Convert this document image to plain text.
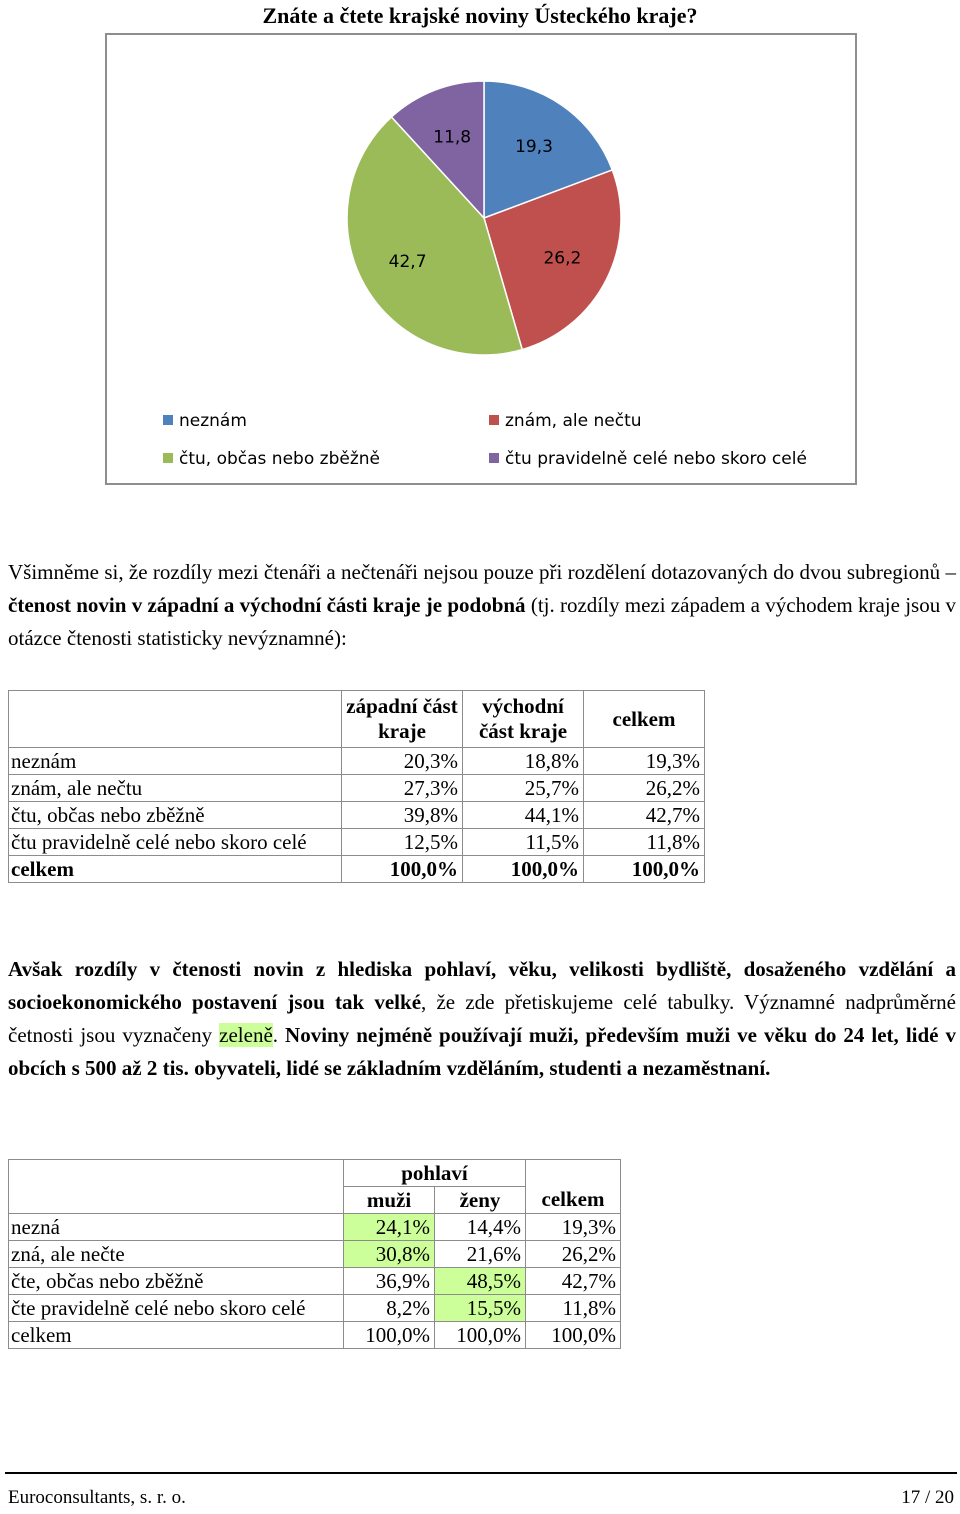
Znáte a čtete krajské noviny Ústeckého kraje?
19,3
26,2
42,7
11,8
neznám	znám, ale nečtu
čtu, občas nebo zběžně	čtu pravidelně celé nebo skoro celé
Všimněme si, že rozdíly mezi čtenáři a nečtenáři nejsou pouze při rozdělení dotazovaných do dvou subregionů – čtenost novin v západní a východní části kraje je podobná (tj. rozdíly mezi západem a východem kraje jsou v otázce čtenosti statisticky nevýznamné):
	západní část kraje	východní část kraje	celkem
neznám	20,3%	18,8%	19,3%
znám, ale nečtu	27,3%	25,7%	26,2%
čtu, občas nebo zběžně	39,8%	44,1%	42,7%
čtu pravidelně celé nebo skoro celé	12,5%	11,5%	11,8%
celkem	100,0%	100,0%	100,0%
Avšak rozdíly v čtenosti novin z hlediska pohlaví, věku, velikosti bydliště, dosaženého vzdělání a socioekonomického postavení jsou tak velké, že zde přetiskujeme celé tabulky. Významné nadprůměrné četnosti jsou vyznačeny zeleně. Noviny nejméně používají muži, především muži ve věku do 24 let, lidé v obcích s 500 až 2 tis. obyvateli, lidé se základním vzděláním, studenti a nezaměstnaní.
	pohlaví		
	muži	ženy	celkem
nezná	24,1%	14,4%	19,3%
zná, ale nečte	30,8%	21,6%	26,2%
čte, občas nebo zběžně	36,9%	48,5%	42,7%
čte pravidelně celé nebo skoro celé	8,2%	15,5%	11,8%
celkem	100,0%	100,0%	100,0%
Euroconsultants, s. r. o.	17 / 20
